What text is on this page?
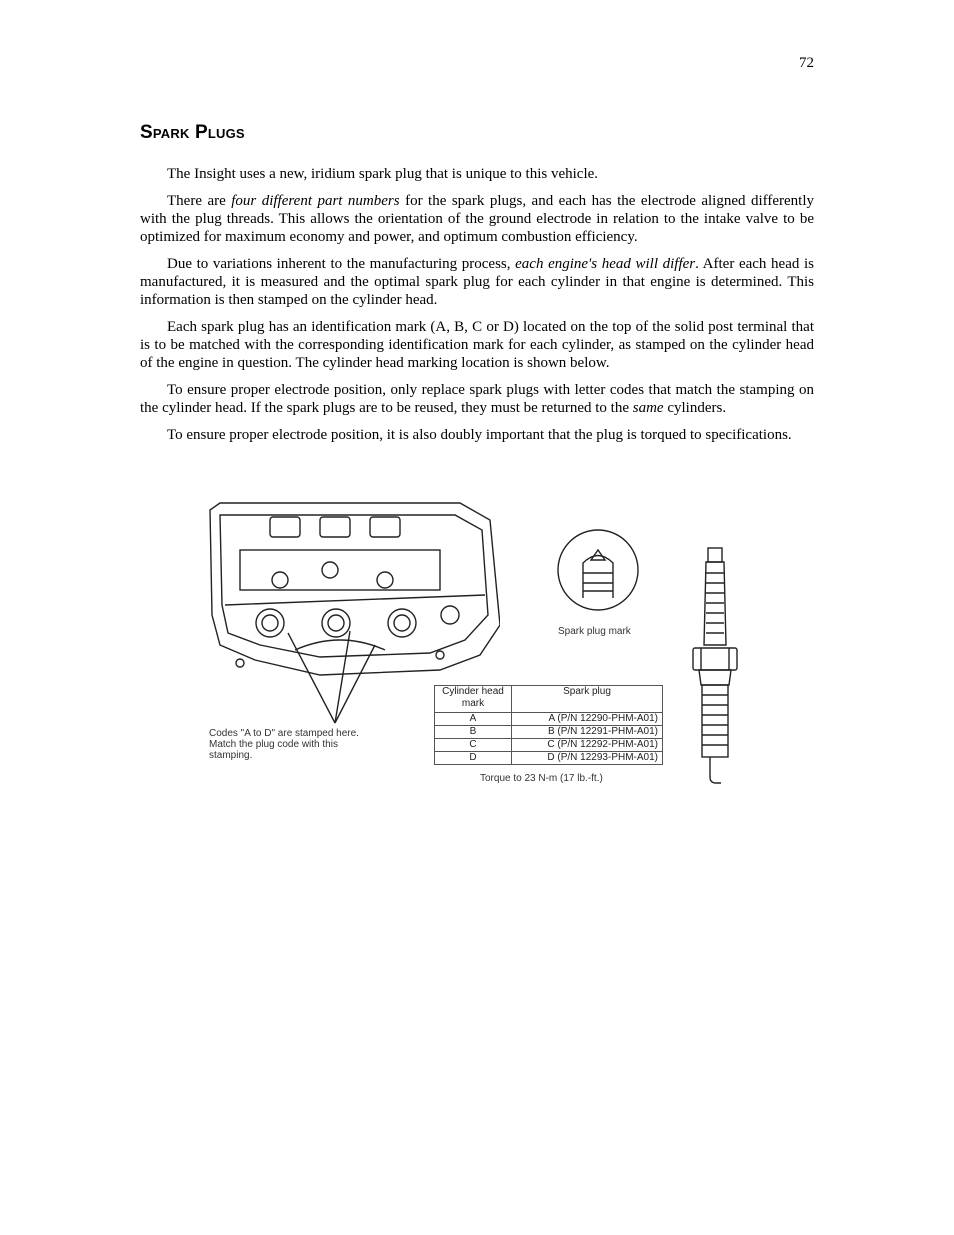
72
Spark Plugs

The Insight uses a new, iridium spark plug that is unique to this vehicle.

There are four different part numbers for the spark plugs, and each has the electrode aligned differently with the plug threads. This allows the orientation of the ground electrode in relation to the intake valve to be optimized for maximum economy and power, and optimum combustion efficiency.

Due to variations inherent to the manufacturing process, each engine's head will differ. After each head is manufactured, it is measured and the optimal spark plug for each cylinder in that engine is determined. This information is then stamped on the cylinder head.

Each spark plug has an identification mark (A, B, C or D) located on the top of the solid post terminal that is to be matched with the corresponding identification mark for each cylinder, as stamped on the cylinder head of the engine in question. The cylinder head marking location is shown below.

To ensure proper electrode position, only replace spark plugs with letter codes that match the stamping on the cylinder head. If the spark plugs are to be reused, they must be returned to the same cylinders.

To ensure proper electrode position, it is also doubly important that the plug is torqued to specifications.

Codes "A to D" are stamped here. Match the plug code with this stamping.
Spark plug mark
Cylinder head mark	Spark plug
A	A (P/N 12290-PHM-A01)
B	B (P/N 12291-PHM-A01)
C	C (P/N 12292-PHM-A01)
D	D (P/N 12293-PHM-A01)
Torque to 23 N-m (17 lb.-ft.)
